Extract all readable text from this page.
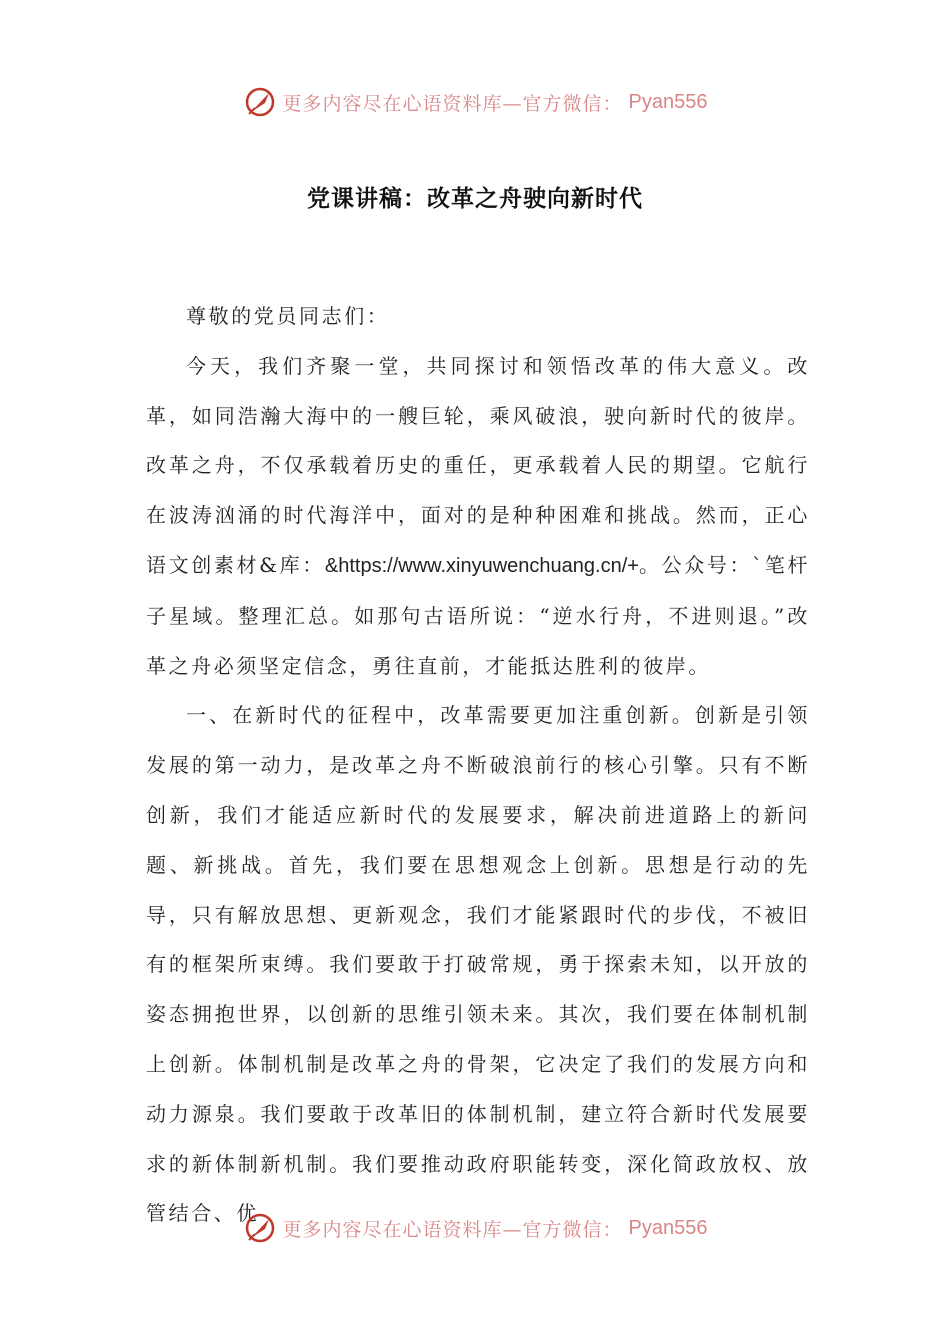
更多内容尽在心语资料库—官方微信： Pyan556
党课讲稿：改革之舟驶向新时代

尊敬的党员同志们：

今天，我们齐聚一堂，共同探讨和领悟改革的伟大意义。改革，如同浩瀚大海中的一艘巨轮，乘风破浪，驶向新时代的彼岸。改革之舟，不仅承载着历史的重任，更承载着人民的期望。它航行在波涛汹涌的时代海洋中，面对的是种种困难和挑战。然而，正心语文创素材&库：&https://www.xinyuwenchuang.cn/+。公众号：`笔杆子星域。整理汇总。如那句古语所说：“逆水行舟，不进则退。”改革之舟必须坚定信念，勇往直前，才能抵达胜利的彼岸。

一、在新时代的征程中，改革需要更加注重创新。创新是引领发展的第一动力，是改革之舟不断破浪前行的核心引擎。只有不断创新，我们才能适应新时代的发展要求，解决前进道路上的新问题、新挑战。首先，我们要在思想观念上创新。思想是行动的先导，只有解放思想、更新观念，我们才能紧跟时代的步伐，不被旧有的框架所束缚。我们要敢于打破常规，勇于探索未知，以开放的姿态拥抱世界，以创新的思维引领未来。其次，我们要在体制机制上创新。体制机制是改革之舟的骨架，它决定了我们的发展方向和动力源泉。我们要敢于改革旧的体制机制，建立符合新时代发展要求的新体制新机制。我们要推动政府职能转变，深化简政放权、放管结合、优

更多内容尽在心语资料库—官方微信： Pyan556
